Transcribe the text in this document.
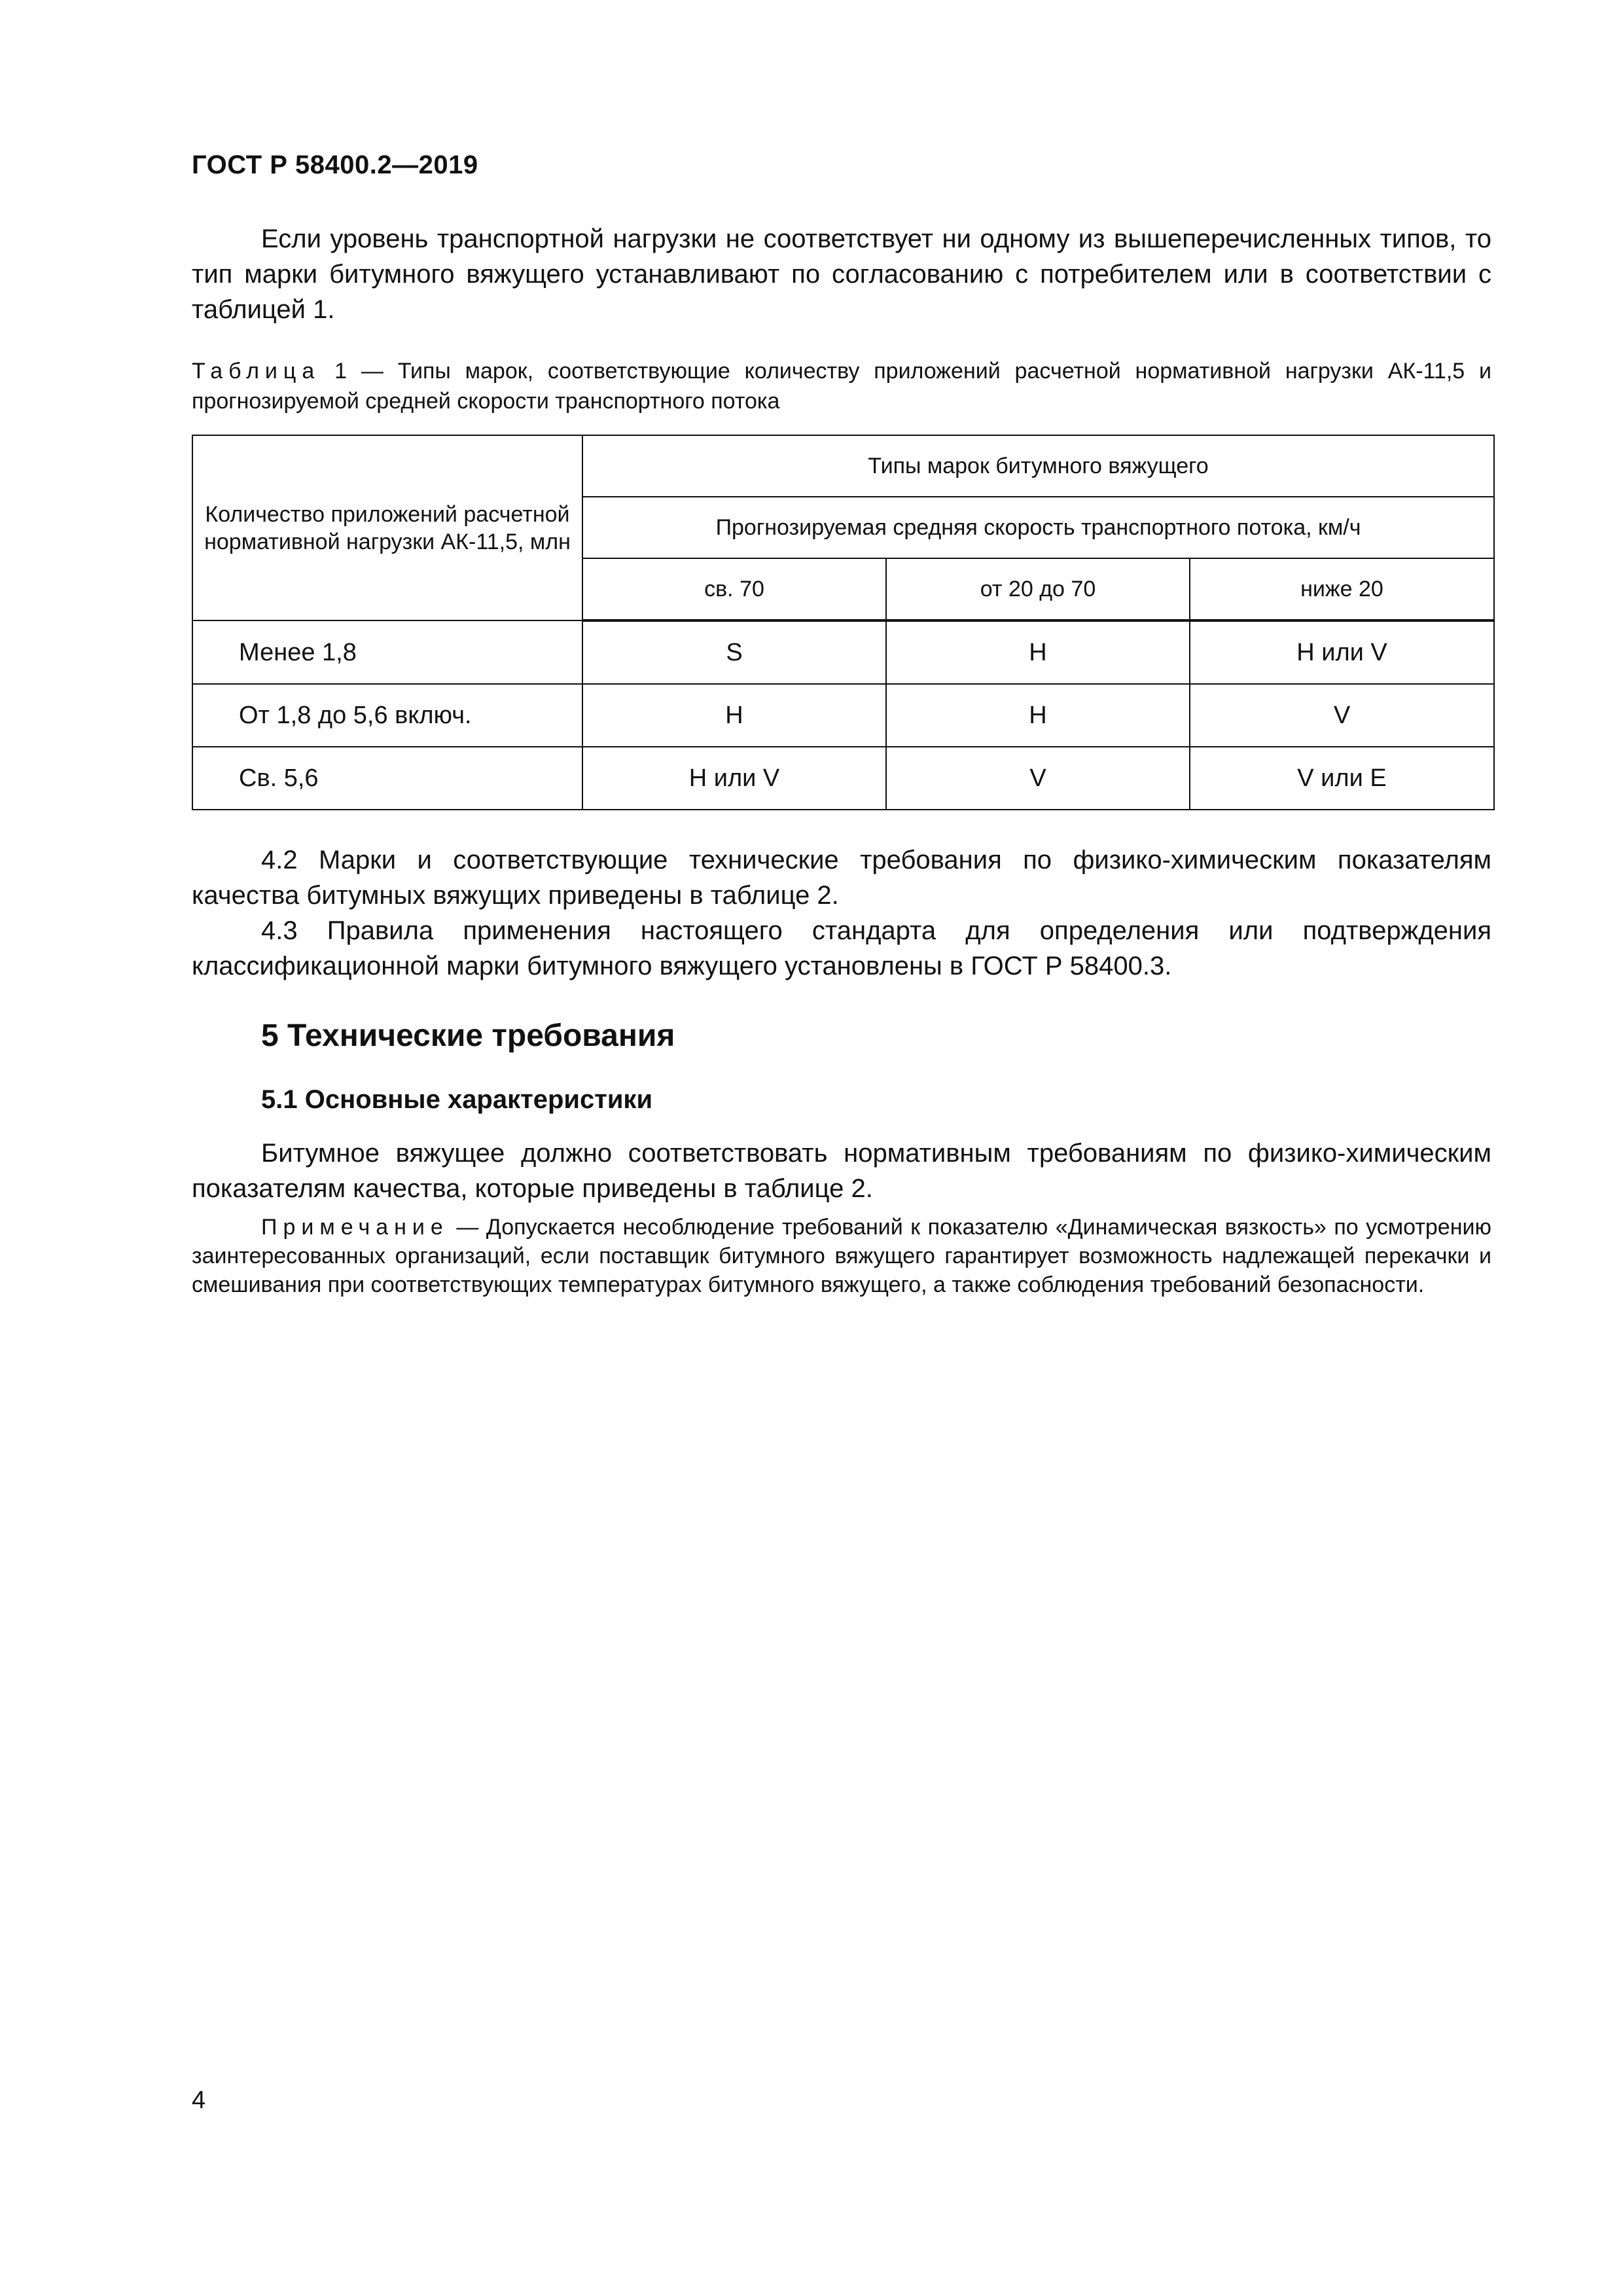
ГОСТ Р 58400.2—2019
Если уровень транспортной нагрузки не соответствует ни одному из вышеперечисленных типов, то тип марки битумного вяжущего устанавливают по согласованию с потребителем или в соответствии с таблицей 1.
Таблица 1 — Типы марок, соответствующие количеству приложений расчетной нормативной нагрузки АК-11,5 и прогнозируемой средней скорости транспортного потока
Количество приложений расчетной нормативной нагрузки АК-11,5, млн	Типы марок битумного вяжущего		
	Прогнозируемая средняя скорость транспортного потока, км/ч		
	св. 70	от 20 до 70	ниже 20
Менее 1,8	S	H	H или V
От 1,8 до 5,6 включ.	H	H	V
Св. 5,6	H или V	V	V или E
4.2 Марки и соответствующие технические требования по физико-химическим показателям качества битумных вяжущих приведены в таблице 2.
4.3 Правила применения настоящего стандарта для определения или подтверждения классификационной марки битумного вяжущего установлены в ГОСТ Р 58400.3.
5 Технические требования
5.1 Основные характеристики
Битумное вяжущее должно соответствовать нормативным требованиям по физико-химическим показателям качества, которые приведены в таблице 2.
Примечание — Допускается несоблюдение требований к показателю «Динамическая вязкость» по усмотрению заинтересованных организаций, если поставщик битумного вяжущего гарантирует возможность надлежащей перекачки и смешивания при соответствующих температурах битумного вяжущего, а также соблюдения требований безопасности.
4
